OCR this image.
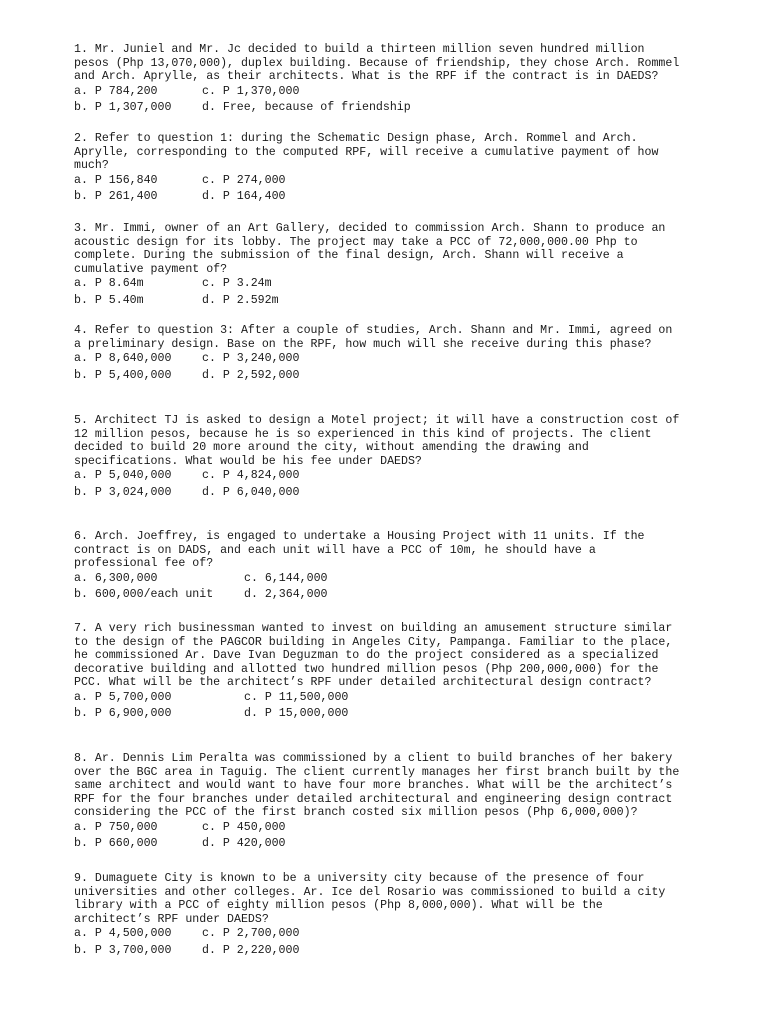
1. Mr. Juniel and Mr. Jc decided to build a thirteen million seven hundred million
pesos (Php 13,070,000), duplex building. Because of friendship, they chose Arch. Rommel
and Arch. Aprylle, as their architects. What is the RPF if the contract is in DAEDS?

a. P 784,200	c. P 1,370,000
b. P 1,307,000	d. Free, because of friendship

2. Refer to question 1: during the Schematic Design phase, Arch. Rommel and Arch.
Aprylle, corresponding to the computed RPF, will receive a cumulative payment of how
much?

a. P 156,840	c. P 274,000
b. P 261,400	d. P 164,400

3. Mr. Immi, owner of an Art Gallery, decided to commission Arch. Shann to produce an
acoustic design for its lobby. The project may take a PCC of 72,000,000.00 Php to
complete. During the submission of the final design, Arch. Shann will receive a
cumulative payment of?

a. P 8.64m	c. P 3.24m
b. P 5.40m	d. P 2.592m

4. Refer to question 3: After a couple of studies, Arch. Shann and Mr. Immi, agreed on
a preliminary design. Base on the RPF, how much will she receive during this phase?

a. P 8,640,000	c. P 3,240,000
b. P 5,400,000	d. P 2,592,000

5. Architect TJ is asked to design a Motel project; it will have a construction cost of
12 million pesos, because he is so experienced in this kind of projects. The client
decided to build 20 more around the city, without amending the drawing and
specifications. What would be his fee under DAEDS?

a. P 5,040,000	c. P 4,824,000
b. P 3,024,000	d. P 6,040,000

6. Arch. Joeffrey, is engaged to undertake a Housing Project with 11 units. If the
contract is on DADS, and each unit will have a PCC of 10m, he should have a
professional fee of?

a. 6,300,000	c. 6,144,000
b. 600,000/each unit	d. 2,364,000

7. A very rich businessman wanted to invest on building an amusement structure similar
to the design of the PAGCOR building in Angeles City, Pampanga. Familiar to the place,
he commissioned Ar. Dave Ivan Deguzman to do the project considered as a specialized
decorative building and allotted two hundred million pesos (Php 200,000,000) for the
PCC. What will be the architect’s RPF under detailed architectural design contract?

a. P 5,700,000	c. P 11,500,000
b. P 6,900,000	d. P 15,000,000

8. Ar. Dennis Lim Peralta was commissioned by a client to build branches of her bakery
over the BGC area in Taguig. The client currently manages her first branch built by the
same architect and would want to have four more branches. What will be the architect’s
RPF for the four branches under detailed architectural and engineering design contract
considering the PCC of the first branch costed six million pesos (Php 6,000,000)?

a. P 750,000	c. P 450,000
b. P 660,000	d. P 420,000

9. Dumaguete City is known to be a university city because of the presence of four
universities and other colleges. Ar. Ice del Rosario was commissioned to build a city
library with a PCC of eighty million pesos (Php 8,000,000). What will be the
architect’s RPF under DAEDS?

a. P 4,500,000	c. P 2,700,000
b. P 3,700,000	d. P 2,220,000
